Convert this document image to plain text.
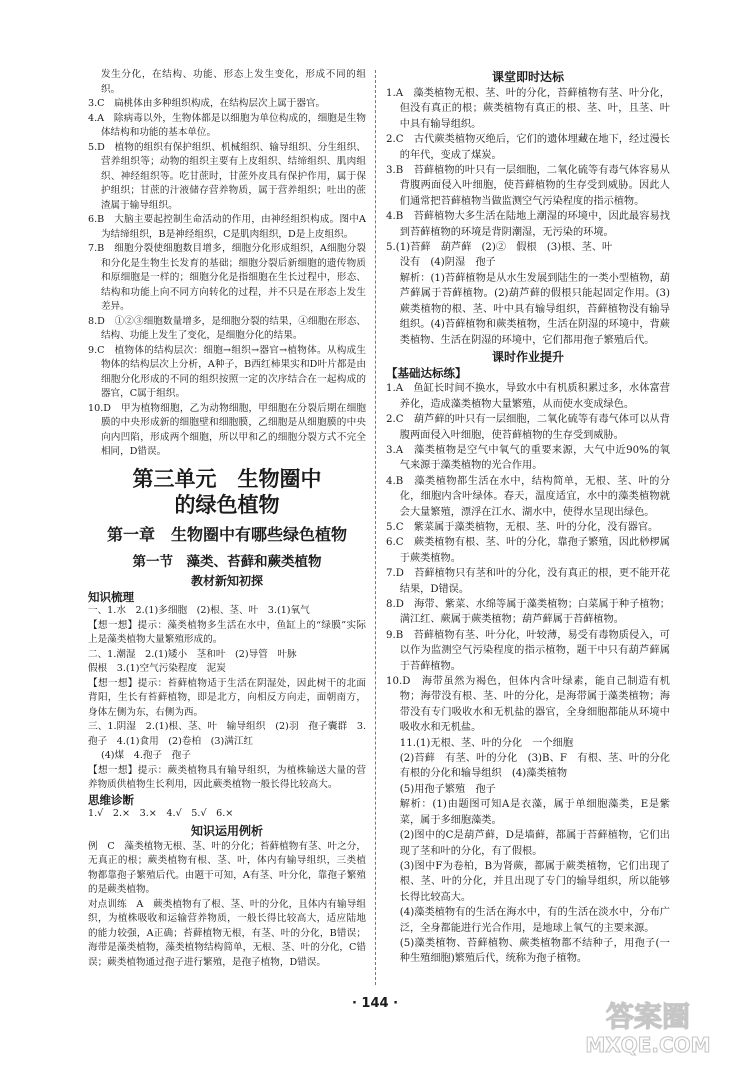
发生分化，在结构、功能、形态上发生变化，形成不同的组织。

3.C　扁桃体由多种组织构成，在结构层次上属于器官。

4.A　除病毒以外，生物体都是以细胞为单位构成的，细胞是生物体结构和功能的基本单位。

5.D　植物的组织有保护组织、机械组织、输导组织、分生组织、营养组织等；动物的组织主要有上皮组织、结缔组织、肌肉组织、神经组织等。吃甘蔗时，甘蔗外皮具有保护作用，属于保护组织；甘蔗的汁液储存营养物质，属于营养组织；吐出的蔗渣属于输导组织。

6.B　大脑主要起控制生命活动的作用，由神经组织构成。图中A为结缔组织，B是神经组织，C是肌肉组织，D是上皮组织。

7.B　细胞分裂使细胞数目增多，细胞分化形成组织，A细胞分裂和分化是生物生长发育的基础；细胞分裂后新细胞的遗传物质和原细胞是一样的；细胞分化是指细胞在生长过程中，形态、结构和功能上向不同方向转化的过程，并不只是在形态上发生差异。

8.D　①②③细胞数量增多，是细胞分裂的结果，④细胞在形态、结构、功能上发生了变化，是细胞分化的结果。

9.C　植物体的结构层次：细胞→组织→器官→植物体。从构成生物体的结构层次上分析，A种子，B西红柿果实和D叶片都是由细胞分化形成的不同的组织按照一定的次序结合在一起构成的器官，C属于组织。

10.D　甲为植物细胞，乙为动物细胞，甲细胞在分裂后期在细胞膜的中央形成新的细胞壁和细胞膜，乙细胞是从细胞膜的中央向内凹陷，形成两个细胞，所以甲和乙的细胞分裂方式不完全相同，D错误。

第三单元　生物圈中
的绿色植物
第一章　生物圈中有哪些绿色植物
第一节　藻类、苔藓和蕨类植物
教材新知初探

知识梳理

一、1.水　2.(1)多细胞　(2)根、茎、叶　3.(1)氧气

【想一想】提示：藻类植物多生活在水中，鱼缸上的“绿膜”实际上是藻类植物大量繁殖形成的。

二、1.潮湿　2.(1)矮小　茎和叶　(2)导管　叶脉

假根　3.(1)空气污染程度　泥炭

【想一想】提示：苔藓植物适于生活在阴湿处，因此树干的北面背阳，生长有苔藓植物，即是北方，向相反方向走，面朝南方，身体左侧为东，右侧为西。

三、1.阴湿　2.(1)根、茎、叶　输导组织　(2)羽　孢子囊群　3.孢子　4.(1)食用　(2)卷柏　(3)满江红

(4)煤　4.孢子　孢子

【想一想】提示：蕨类植物具有输导组织，为植株输送大量的营养物质供植物生长利用，因此蕨类植物一般长得比较高大。

思维诊断

1.√　2.×　3.×　4.√　5.√　6.×

知识运用例析

例　C　藻类植物无根、茎、叶的分化；苔藓植物有茎、叶之分，无真正的根；蕨类植物有根、茎、叶，体内有输导组织，三类植物都靠孢子繁殖后代。由题干可知，A有茎、叶分化，靠孢子繁殖的是蕨类植物。

对点训练　A　蕨类植物有了根、茎、叶的分化，且体内有输导组织，为植株吸收和运输营养物质，一般长得比较高大，适应陆地的能力较强，A正确；苔藓植物无根，有茎、叶的分化，B错误；海带是藻类植物，藻类植物结构简单，无根、茎、叶的分化，C错误；蕨类植物通过孢子进行繁殖，是孢子植物，D错误。

课堂即时达标

1.A　藻类植物无根、茎、叶的分化，苔藓植物有茎、叶分化，但没有真正的根；蕨类植物有真正的根、茎、叶，且茎、叶中具有输导组织。

2.C　古代蕨类植物灭绝后，它们的遗体埋藏在地下，经过漫长的年代，变成了煤炭。

3.B　苔藓植物的叶只有一层细胞，二氧化硫等有毒气体容易从背腹两面侵入叶细胞，使苔藓植物的生存受到威胁。因此人们通常把苔藓植物当做监测空气污染程度的指示植物。

4.B　苔藓植物大多生活在陆地上潮湿的环境中，因此最容易找到苔藓植物的环境是背阴潮湿，无污染的环境。

5.(1)苔藓　葫芦藓　(2)②　假根　(3)根、茎、叶

没有　(4)阴湿　孢子

解析：(1)苔藓植物是从水生发展到陆生的一类小型植物，葫芦藓属于苔藓植物。(2)葫芦藓的假根只能起固定作用。(3)蕨类植物的根、茎、叶中具有输导组织，苔藓植物没有输导组织。(4)苔藓植物和蕨类植物，生活在阴湿的环境中，背蕨类植物、生活在阴湿的环境中，它们都用孢子繁殖后代。

课时作业提升

【基础达标练】

1.A　鱼缸长时间不换水，导致水中有机质积累过多，水体富营养化，造成藻类植物大量繁殖，从而使水变成绿色。

2.C　葫芦藓的叶只有一层细胞，二氧化硫等有毒气体可以从背腹两面侵入叶细胞，使苔藓植物的生存受到威胁。

3.A　藻类植物是空气中氧气的重要来源，大气中近90%的氧气来源于藻类植物的光合作用。

4.B　藻类植物都生活在水中，结构简单，无根、茎、叶的分化，细胞内含叶绿体。春天，温度适宜，水中的藻类植物就会大量繁殖，漂浮在江水、湖水中，使得水呈现出绿色。

5.C　紫菜属于藻类植物，无根、茎、叶的分化，没有器官。

6.C　蕨类植物有根、茎、叶的分化，靠孢子繁殖，因此桫椤属于蕨类植物。

7.D　苔藓植物只有茎和叶的分化，没有真正的根，更不能开花结果，D错误。

8.D　海带、紫菜、水绵等属于藻类植物；白菜属于种子植物；满江红、蕨属于蕨类植物；葫芦藓属于苔藓植物。

9.B　苔藓植物有茎、叶分化，叶较薄，易受有毒物质侵入，可以作为监测空气污染程度的指示植物，题干中只有葫芦藓属于苔藓植物。

10.D　海带虽然为褐色，但体内含叶绿素，能自己制造有机物；海带没有根、茎、叶的分化，是海带属于藻类植物；海带没有专门吸收水和无机盐的器官，全身细胞都能从环境中吸收水和无机盐。

11.(1)无根、茎、叶的分化　一个细胞

(2)苔藓　有茎、叶的分化　(3)B、F　有根、茎、叶的分化　有根的分化和输导组织　(4)藻类植物

(5)用孢子繁殖　孢子

解析：(1)由题图可知A是衣藻，属于单细胞藻类，E是紫菜，属于多细胞藻类。

(2)图中的C是葫芦藓，D是墙藓，都属于苔藓植物，它们出现了茎和叶的分化，有了假根。

(3)图中F为卷柏，B为肾蕨，都属于蕨类植物，它们出现了根、茎、叶的分化，并且出现了专门的输导组织，所以能够长得比较高大。

(4)藻类植物有的生活在海水中，有的生活在淡水中，分布广泛，全身都能进行光合作用，是地球上氧气的主要来源。

(5)藻类植物、苔藓植物、蕨类植物都不结种子，用孢子(一种生殖细胞)繁殖后代，统称为孢子植物。

· 144 ·	答案圈
MXQE.COM
